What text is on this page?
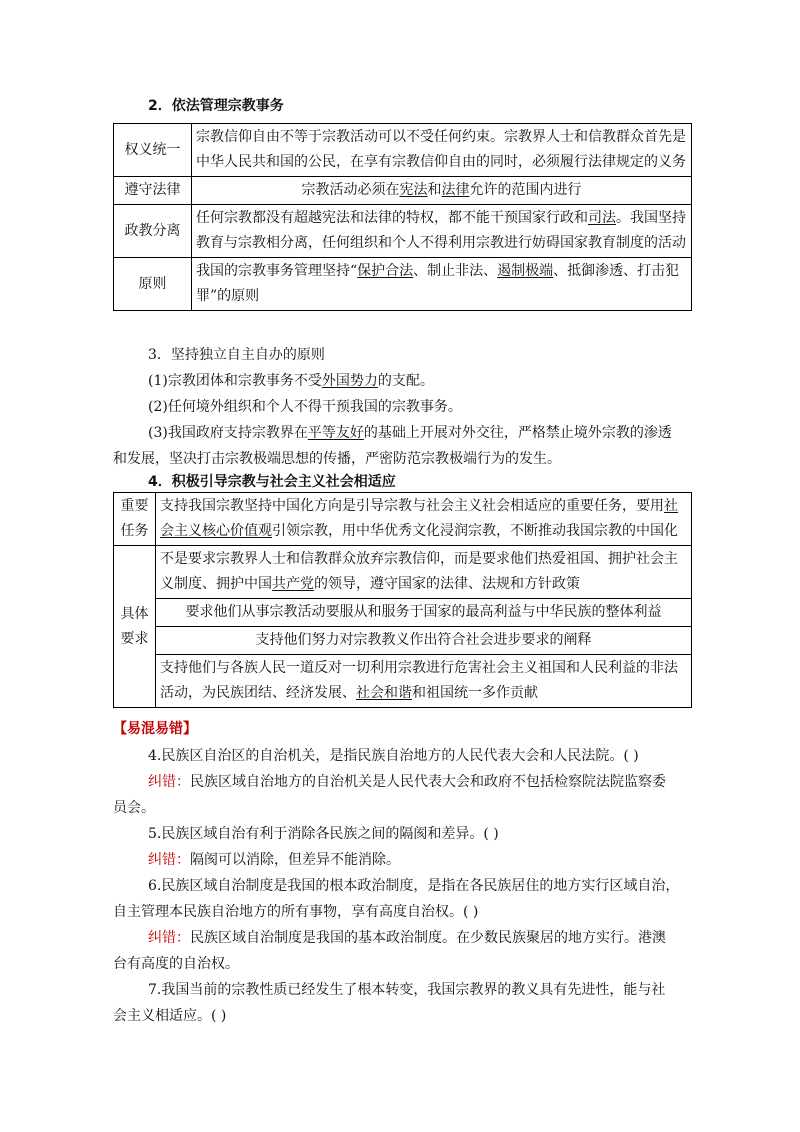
2．依法管理宗教事务
权义统一	宗教信仰自由不等于宗教活动可以不受任何约束。宗教界人士和信教群众首先是中华人民共和国的公民，在享有宗教信仰自由的同时，必须履行法律规定的义务
遵守法律	宗教活动必须在宪法和法律允许的范围内进行
政教分离	任何宗教都没有超越宪法和法律的特权，都不能干预国家行政和司法。我国坚持教育与宗教相分离，任何组织和个人不得利用宗教进行妨碍国家教育制度的活动
原则	我国的宗教事务管理坚持“保护合法、制止非法、遏制极端、抵御渗透、打击犯罪”的原则
3．坚持独立自主自办的原则
(1)宗教团体和宗教事务不受外国势力的支配。
(2)任何境外组织和个人不得干预我国的宗教事务。
(3)我国政府支持宗教界在平等友好的基础上开展对外交往，严格禁止境外宗教的渗透
和发展，坚决打击宗教极端思想的传播，严密防范宗教极端行为的发生。
4．积极引导宗教与社会主义社会相适应
重要任务	支持我国宗教坚持中国化方向是引导宗教与社会主义社会相适应的重要任务，要用社会主义核心价值观引领宗教，用中华优秀文化浸润宗教，不断推动我国宗教的中国化
具体要求	不是要求宗教界人士和信教群众放弃宗教信仰，而是要求他们热爱祖国、拥护社会主义制度、拥护中国共产党的领导，遵守国家的法律、法规和方针政策
	要求他们从事宗教活动要服从和服务于国家的最高利益与中华民族的整体利益
	支持他们努力对宗教教义作出符合社会进步要求的阐释
	支持他们与各族人民一道反对一切利用宗教进行危害社会主义祖国和人民利益的非法活动，为民族团结、经济发展、社会和谐和祖国统一多作贡献
【易混易错】
4.民族区自治区的自治机关，是指民族自治地方的人民代表大会和人民法院。( )
纠错：民族区域自治地方的自治机关是人民代表大会和政府不包括检察院法院监察委
员会。
5.民族区域自治有利于消除各民族之间的隔阂和差异。( )
纠错：隔阂可以消除，但差异不能消除。
6.民族区域自治制度是我国的根本政治制度，是指在各民族居住的地方实行区域自治，
自主管理本民族自治地方的所有事物，享有高度自治权。( )
纠错：民族区域自治制度是我国的基本政治制度。在少数民族聚居的地方实行。港澳
台有高度的自治权。
7.我国当前的宗教性质已经发生了根本转变，我国宗教界的教义具有先进性，能与社
会主义相适应。( )
